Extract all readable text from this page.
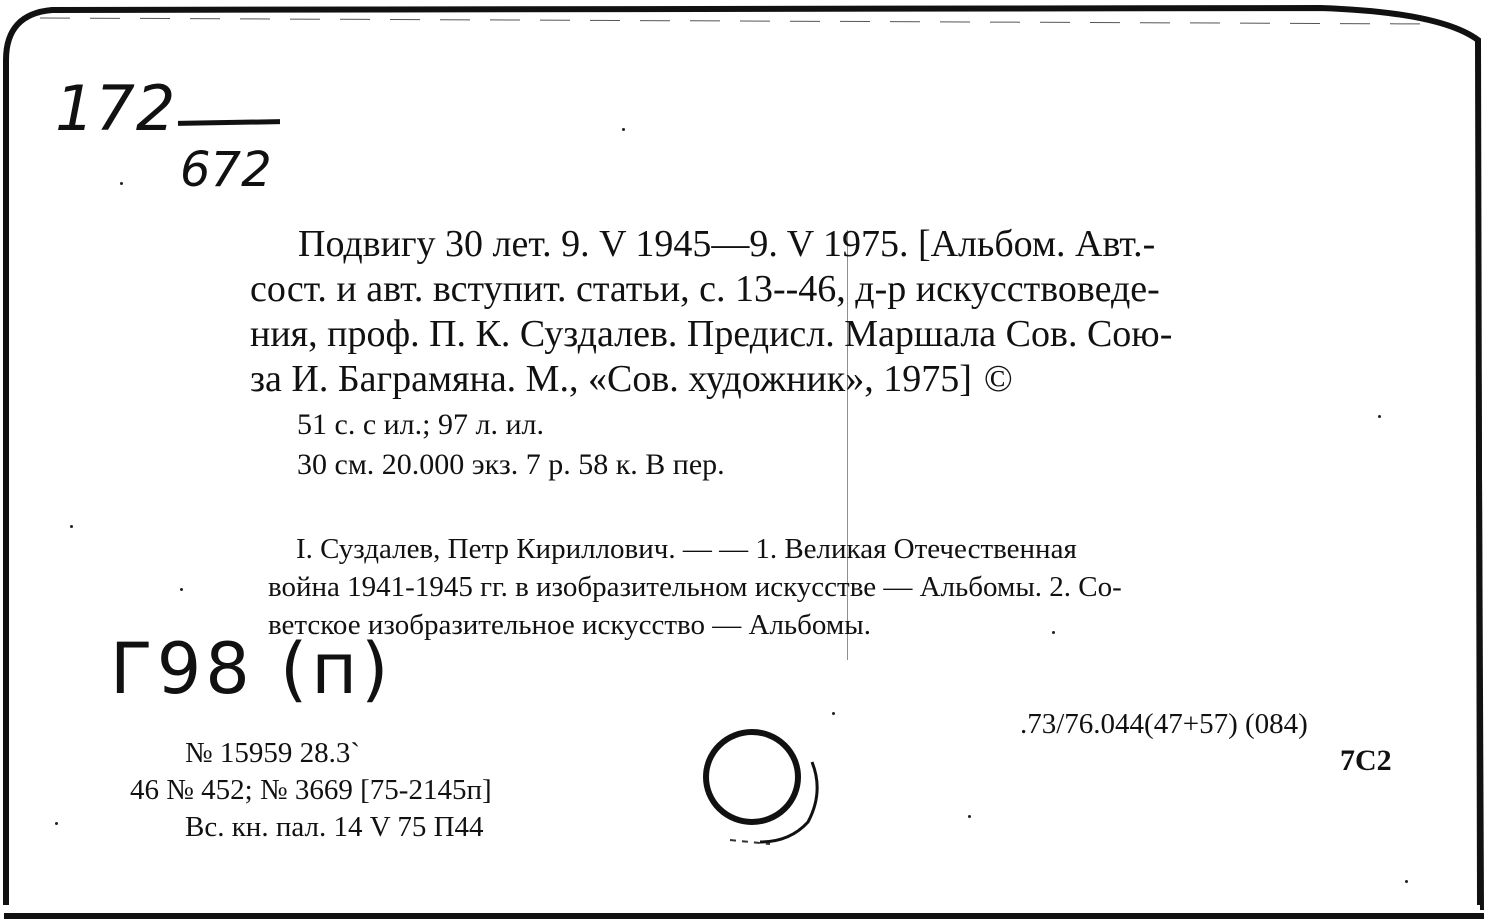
172
672
Подвигу 30 лет. 9. V 1945—9. V 1975. [Альбом. Авт.-
сост. и авт. вступит. статьи, с. 13--46, д-р искусствоведе-
ния, проф. П. К. Суздалев. Предисл. Маршала Сов. Сою-
за И. Баграмяна. М., «Сов. художник», 1975] ©
51 с. с ил.; 97 л. ил.
30 см. 20.000 экз. 7 р. 58 к. В пер.
I. Суздалев, Петр Кириллович. — — 1. Великая Отечественная
война 1941-1945 гг. в изобразительном искусстве — Альбомы. 2. Со-
ветское изобразительное искусство — Альбомы.
Г98 (п)
№ 15959 28.3`
46 № 452; № 3669 [75-2145п]
Вс. кн. пал. 14 V 75 П44
.73/76.044(47+57) (084)
7С2
